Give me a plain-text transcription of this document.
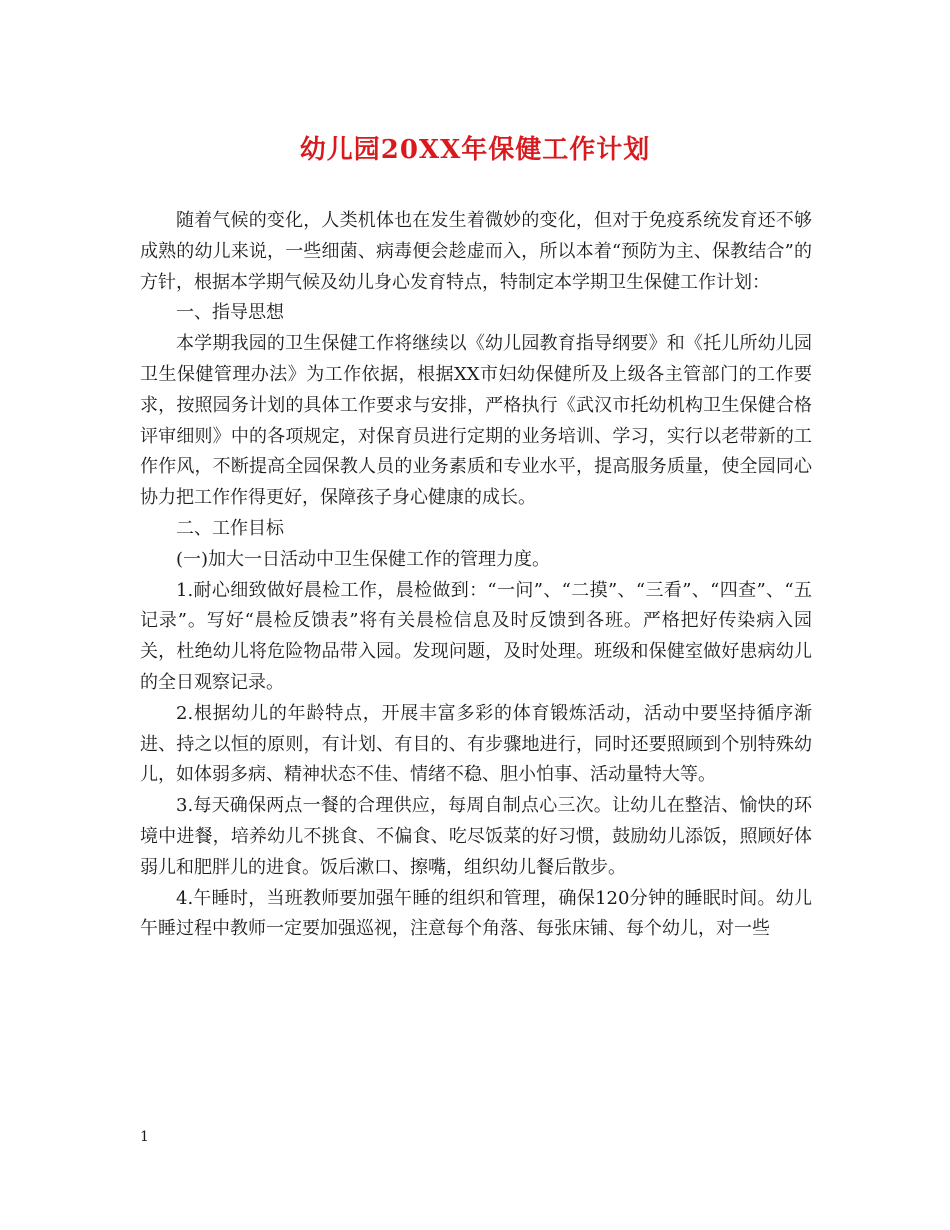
幼儿园20XX年保健工作计划

随着气候的变化，人类机体也在发生着微妙的变化，但对于免疫系统发育还不够成熟的幼儿来说，一些细菌、病毒便会趁虚而入，所以本着“预防为主、保教结合”的方针，根据本学期气候及幼儿身心发育特点，特制定本学期卫生保健工作计划：

一、指导思想

本学期我园的卫生保健工作将继续以《幼儿园教育指导纲要》和《托儿所幼儿园卫生保健管理办法》为工作依据，根据XX市妇幼保健所及上级各主管部门的工作要求，按照园务计划的具体工作要求与安排，严格执行《武汉市托幼机构卫生保健合格评审细则》中的各项规定，对保育员进行定期的业务培训、学习，实行以老带新的工作作风，不断提高全园保教人员的业务素质和专业水平，提高服务质量，使全园同心协力把工作作得更好，保障孩子身心健康的成长。

二、工作目标

(一)加大一日活动中卫生保健工作的管理力度。

1.耐心细致做好晨检工作，晨检做到：“一问”、“二摸”、“三看”、“四查”、“五记录”。写好“晨检反馈表”将有关晨检信息及时反馈到各班。严格把好传染病入园关，杜绝幼儿将危险物品带入园。发现问题，及时处理。班级和保健室做好患病幼儿的全日观察记录。

2.根据幼儿的年龄特点，开展丰富多彩的体育锻炼活动，活动中要坚持循序渐进、持之以恒的原则，有计划、有目的、有步骤地进行，同时还要照顾到个别特殊幼儿，如体弱多病、精神状态不佳、情绪不稳、胆小怕事、活动量特大等。

3.每天确保两点一餐的合理供应，每周自制点心三次。让幼儿在整洁、愉快的环境中进餐，培养幼儿不挑食、不偏食、吃尽饭菜的好习惯，鼓励幼儿添饭，照顾好体弱儿和肥胖儿的进食。饭后漱口、擦嘴，组织幼儿餐后散步。

4.午睡时，当班教师要加强午睡的组织和管理，确保120分钟的睡眠时间。幼儿午睡过程中教师一定要加强巡视，注意每个角落、每张床铺、每个幼儿，对一些

1
